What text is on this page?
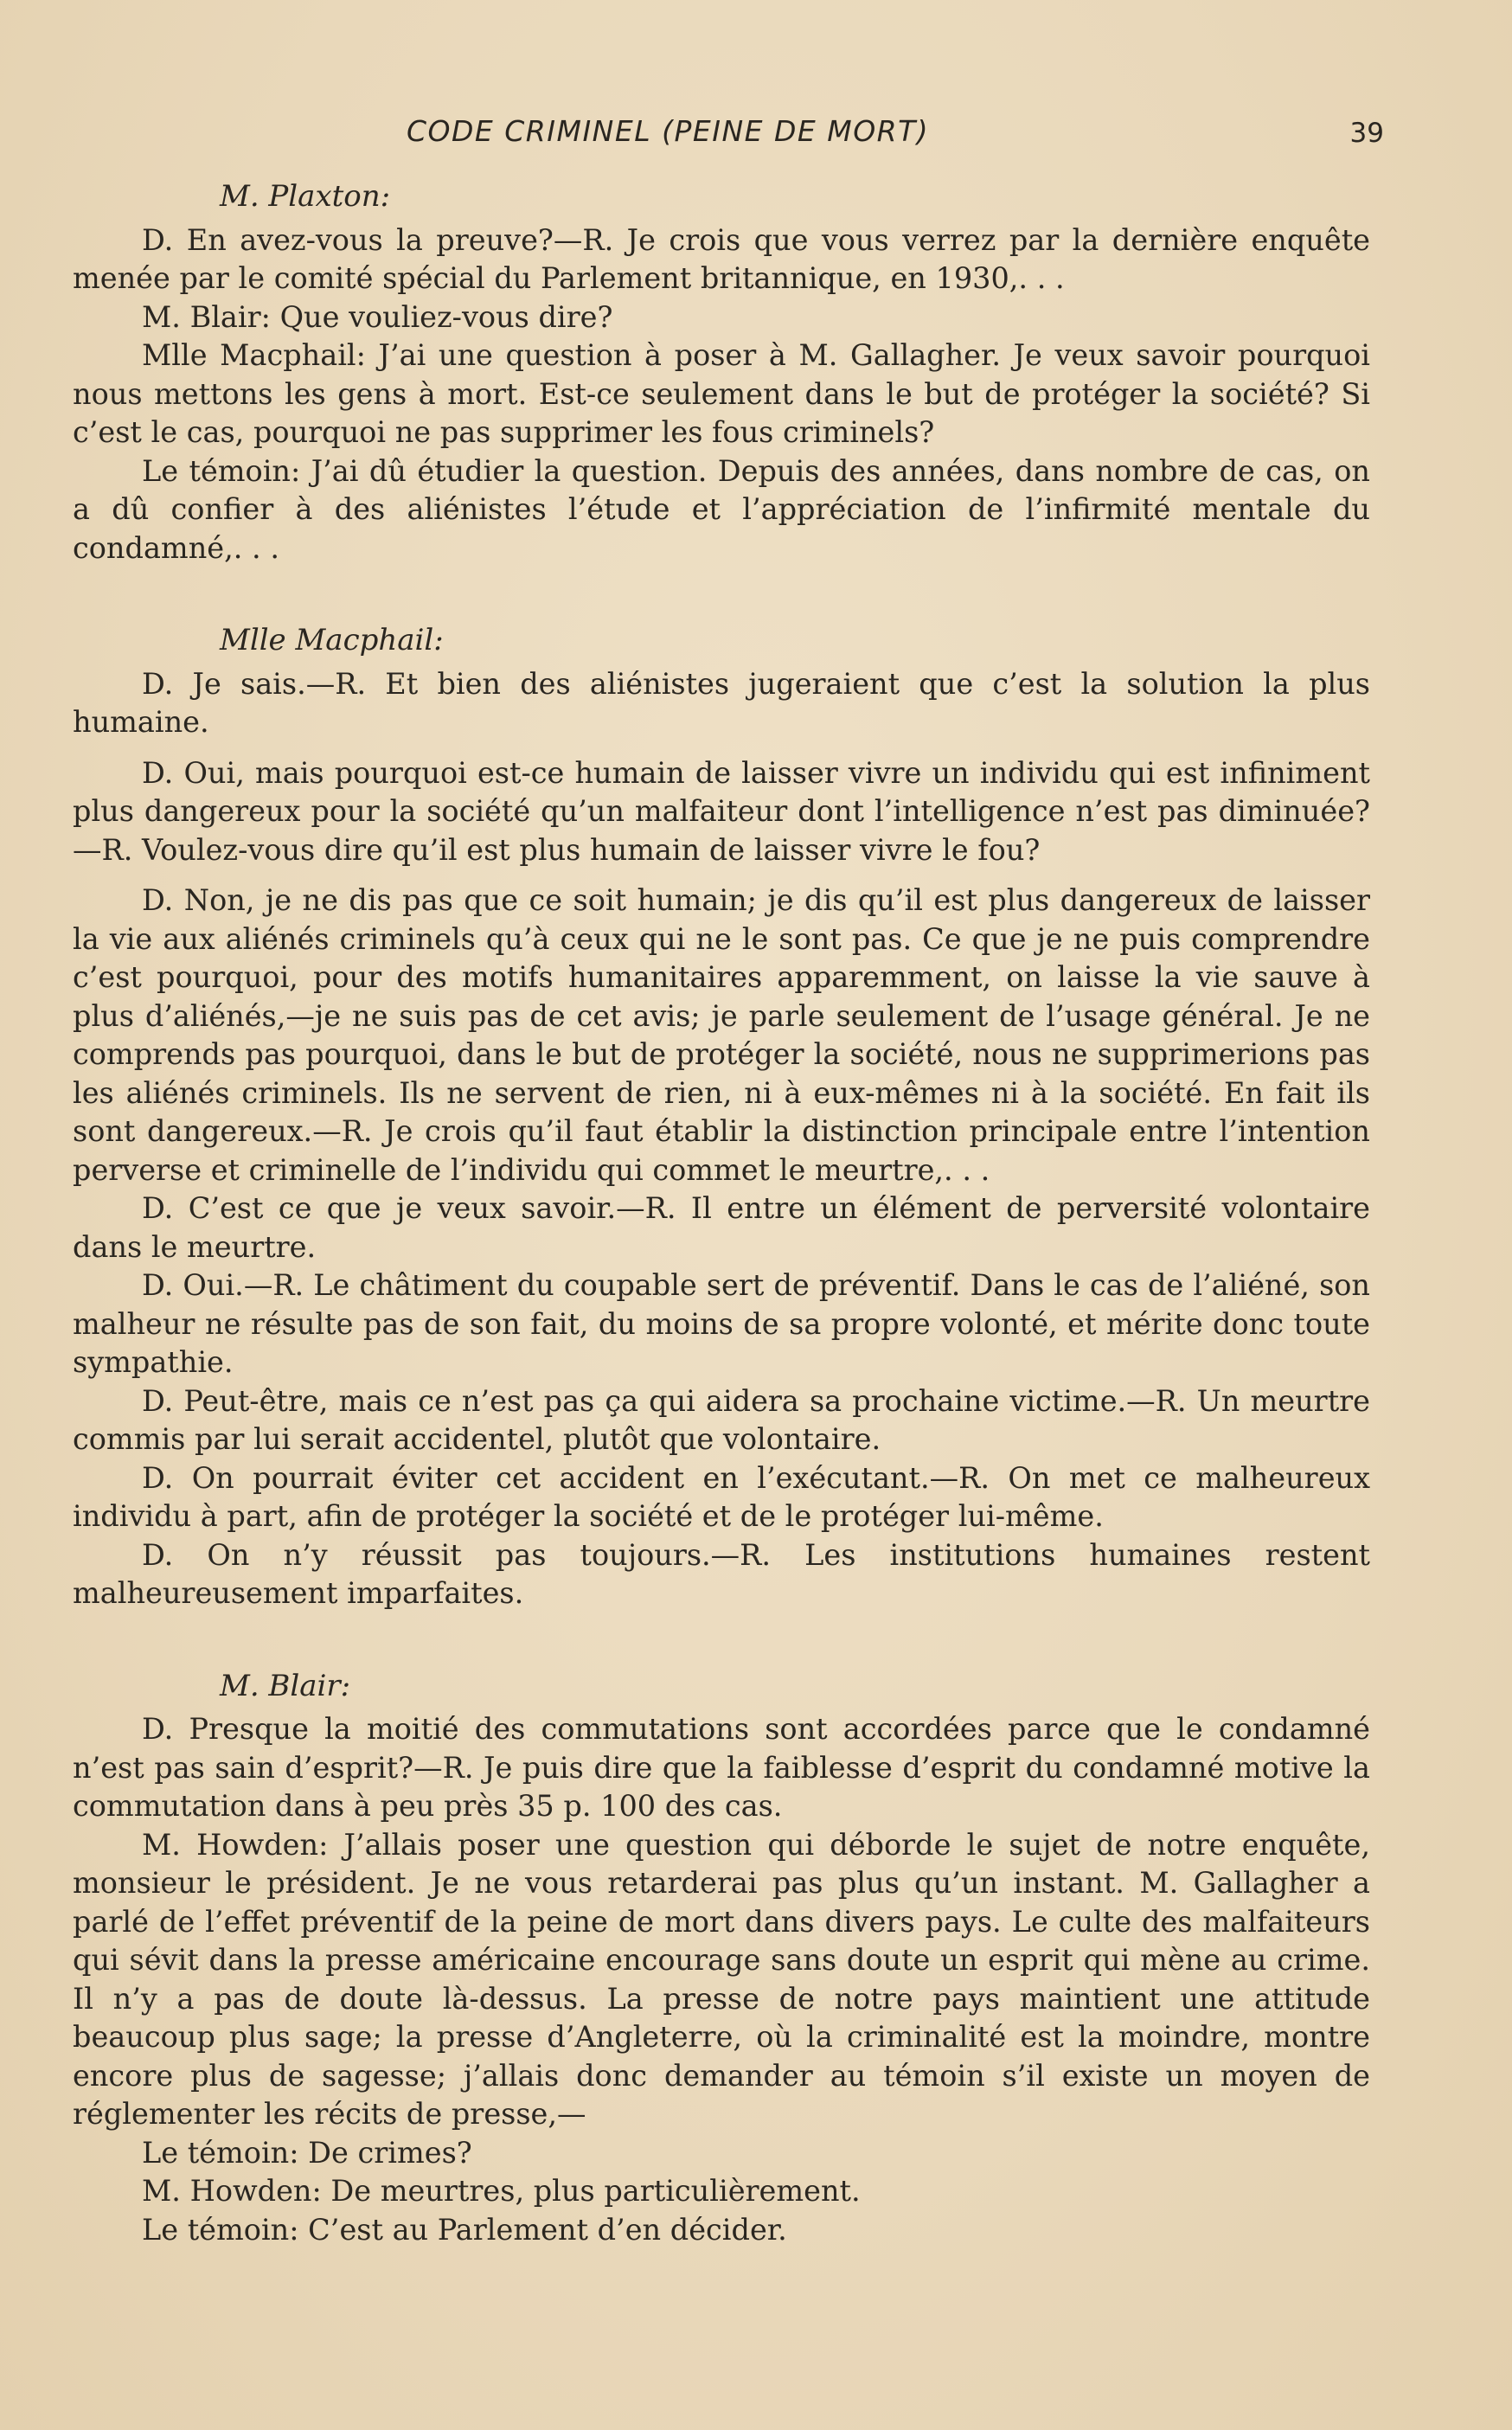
CODE CRIMINEL (PEINE DE MORT)	39
M. Plaxton:

D. En avez-vous la preuve?—R. Je crois que vous verrez par la dernière enquête menée par le comité spécial du Parlement britannique, en 1930,. . .

M. Blair: Que vouliez-vous dire?

Mlle Macphail: J’ai une question à poser à M. Gallagher. Je veux savoir pourquoi nous mettons les gens à mort. Est-ce seulement dans le but de protéger la société? Si c’est le cas, pourquoi ne pas supprimer les fous criminels?

Le témoin: J’ai dû étudier la question. Depuis des années, dans nombre de cas, on a dû confier à des aliénistes l’étude et l’appréciation de l’infirmité mentale du condamné,. . .

Mlle Macphail:

D. Je sais.—R. Et bien des aliénistes jugeraient que c’est la solution la plus humaine.

D. Oui, mais pourquoi est-ce humain de laisser vivre un individu qui est infiniment plus dangereux pour la société qu’un malfaiteur dont l’intelligence n’est pas diminuée?—R. Voulez-vous dire qu’il est plus humain de laisser vivre le fou?

D. Non, je ne dis pas que ce soit humain; je dis qu’il est plus dangereux de laisser la vie aux aliénés criminels qu’à ceux qui ne le sont pas. Ce que je ne puis comprendre c’est pourquoi, pour des motifs humanitaires apparemment, on laisse la vie sauve à plus d’aliénés,—je ne suis pas de cet avis; je parle seulement de l’usage général. Je ne comprends pas pourquoi, dans le but de protéger la société, nous ne supprimerions pas les aliénés criminels. Ils ne servent de rien, ni à eux-mêmes ni à la société. En fait ils sont dangereux.—R. Je crois qu’il faut établir la distinction principale entre l’intention perverse et criminelle de l’individu qui commet le meurtre,. . .

D. C’est ce que je veux savoir.—R. Il entre un élément de perversité volontaire dans le meurtre.

D. Oui.—R. Le châtiment du coupable sert de préventif. Dans le cas de l’aliéné, son malheur ne résulte pas de son fait, du moins de sa propre volonté, et mérite donc toute sympathie.

D. Peut-être, mais ce n’est pas ça qui aidera sa prochaine victime.—R. Un meurtre commis par lui serait accidentel, plutôt que volontaire.

D. On pourrait éviter cet accident en l’exécutant.—R. On met ce malheureux individu à part, afin de protéger la société et de le protéger lui-même.

D. On n’y réussit pas toujours.—R. Les institutions humaines restent malheureusement imparfaites.

M. Blair:

D. Presque la moitié des commutations sont accordées parce que le condamné n’est pas sain d’esprit?—R. Je puis dire que la faiblesse d’esprit du condamné motive la commutation dans à peu près 35 p. 100 des cas.

M. Howden: J’allais poser une question qui déborde le sujet de notre enquête, monsieur le président. Je ne vous retarderai pas plus qu’un instant. M. Gallagher a parlé de l’effet préventif de la peine de mort dans divers pays. Le culte des malfaiteurs qui sévit dans la presse américaine encourage sans doute un esprit qui mène au crime. Il n’y a pas de doute là-dessus. La presse de notre pays maintient une attitude beaucoup plus sage; la presse d’Angleterre, où la criminalité est la moindre, montre encore plus de sagesse; j’allais donc demander au témoin s’il existe un moyen de réglementer les récits de presse,—

Le témoin: De crimes?

M. Howden: De meurtres, plus particulièrement.

Le témoin: C’est au Parlement d’en décider.
